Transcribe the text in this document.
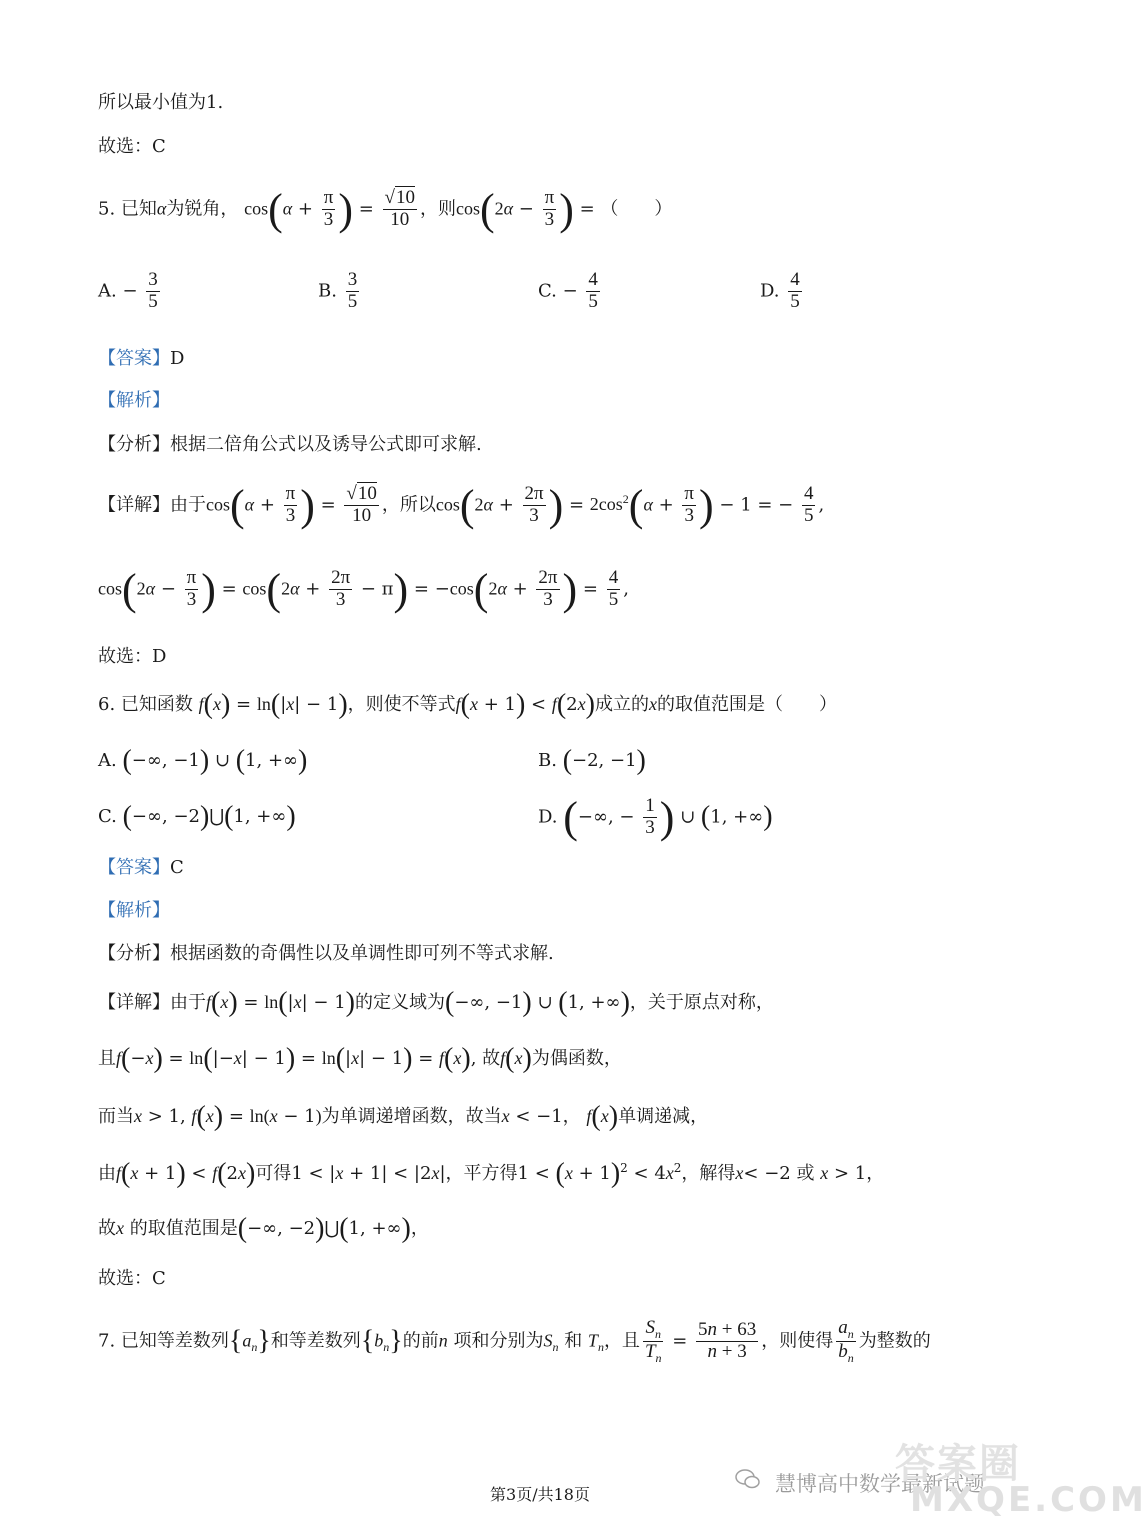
所以最小值为1.
故选：C
5. 已知α为锐角， $\cos(\alpha + \frac{\pi}{3}$ ) = $\frac{√10}{10}$ ，则$\cos(2\alpha - \frac{\pi}{3}$ ) = （　　）
A. − $\frac{3}{5}$	B. $\frac{3}{5}$	C. − $\frac{4}{5}$	D. $\frac{4}{5}$
【答案】D
【解析】
【分析】根据二倍角公式以及诱导公式即可求解.
【详解】由于$\cos(\alpha + \frac{\pi}{3}$ ) = $\frac{√10}{10}$ ，所以$\cos(2\alpha + \frac{2\pi}{3}$ ) = $2\cos^2(\alpha + \frac{\pi}{3}$ ) − 1 = − $\frac{4}{5}$ ,
$\cos(2\alpha - \frac{\pi}{3}$ ) = $\cos(2\alpha + \frac{2\pi}{3} - \pi) = -\cos(2\alpha + \frac{2\pi}{3}$ ) = $\frac{4}{5}$ ,
故选：D
6. 已知函数 f(x) = ln(|x| − 1)，则使不等式f(x + 1) < f(2x)成立的x的取值范围是（　　）
A. (−∞, −1) ∪ (1, +∞)	B. (−2, −1)
C. (−∞, −2)⋃(1, +∞)	D. (−∞, − $\frac{1}{3}$ ) ∪ (1, +∞)
【答案】C
【解析】
【分析】根据函数的奇偶性以及单调性即可列不等式求解.
【详解】由于f(x) = ln(|x| − 1)的定义域为(−∞, −1) ∪ (1, +∞)，关于原点对称，
且f(−x) = ln(|−x| − 1) = ln(|x| − 1) = f(x), 故f(x)为偶函数，
而当x > 1, f(x) = ln(x − 1)为单调递增函数，故当x < −1， f(x)单调递减，
由f(x + 1) < f(2x)可得1 < |x + 1| < |2x|，平方得$1 < (x + 1)^2 < 4x^2$，解得x< −2 或 x > 1，
故x 的取值范围是(−∞, −2)⋃(1, +∞)，
故选：C
7. 已知等差数列$\{a_n\}$和等差数列$\{b_n\}$的前n 项和分别为$S_n$ 和 $T_n$，且 $\frac{S_n}{T_n} = \frac{5n + 63}{n + 3}$ ，则使得 $\frac{a_n}{b_n}$ 为整数的
慧博高中数学最新试题
答案圈
MXQE.COM
第3页/共18页
